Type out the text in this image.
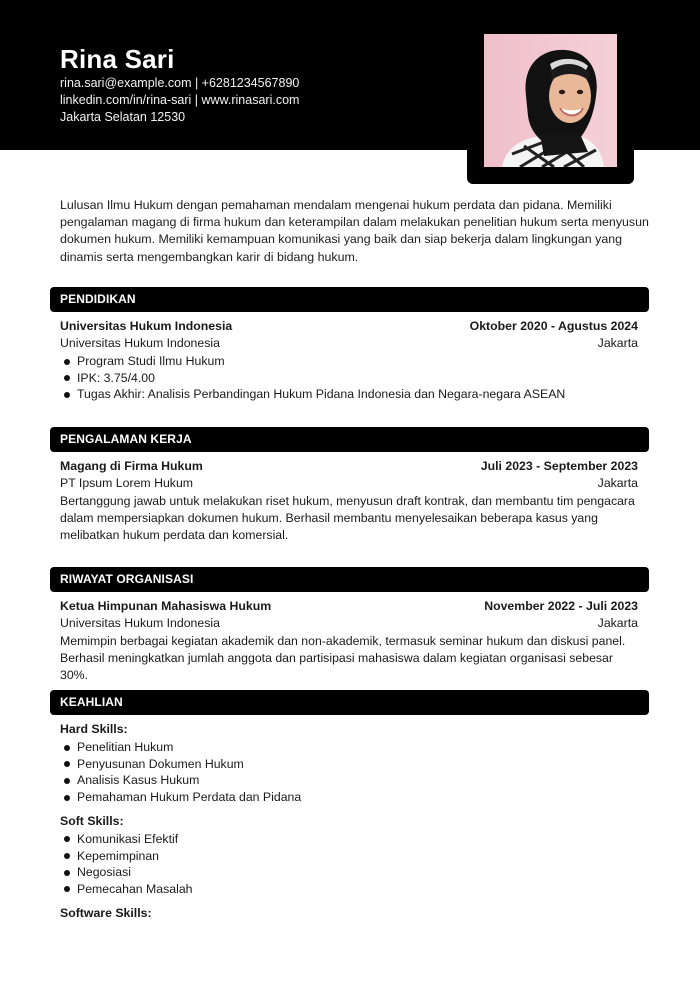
Rina Sari
rina.sari@example.com | +6281234567890
linkedin.com/in/rina-sari | www.rinasari.com
Jakarta Selatan 12530

Lulusan Ilmu Hukum dengan pemahaman mendalam mengenai hukum perdata dan pidana. Memiliki pengalaman magang di firma hukum dan keterampilan dalam melakukan penelitian hukum serta menyusun dokumen hukum. Memiliki kemampuan komunikasi yang baik dan siap bekerja dalam lingkungan yang dinamis serta mengembangkan karir di bidang hukum.

PENDIDIKAN
Universitas Hukum Indonesia	Oktober 2020 - Agustus 2024
Universitas Hukum Indonesia	Jakarta
Program Studi Ilmu Hukum
IPK: 3.75/4.00
Tugas Akhir: Analisis Perbandingan Hukum Pidana Indonesia dan Negara-negara ASEAN
PENGALAMAN KERJA
Magang di Firma Hukum	Juli 2023 - September 2023
PT Ipsum Lorem Hukum	Jakarta

Bertanggung jawab untuk melakukan riset hukum, menyusun draft kontrak, dan membantu tim pengacara dalam mempersiapkan dokumen hukum. Berhasil membantu menyelesaikan beberapa kasus yang melibatkan hukum perdata dan komersial.

RIWAYAT ORGANISASI
Ketua Himpunan Mahasiswa Hukum	November 2022 - Juli 2023
Universitas Hukum Indonesia	Jakarta

Memimpin berbagai kegiatan akademik dan non-akademik, termasuk seminar hukum dan diskusi panel. Berhasil meningkatkan jumlah anggota dan partisipasi mahasiswa dalam kegiatan organisasi sebesar 30%.

KEAHLIAN
Hard Skills:
Penelitian Hukum
Penyusunan Dokumen Hukum
Analisis Kasus Hukum
Pemahaman Hukum Perdata dan Pidana
Soft Skills:
Komunikasi Efektif
Kepemimpinan
Negosiasi
Pemecahan Masalah
Software Skills:
